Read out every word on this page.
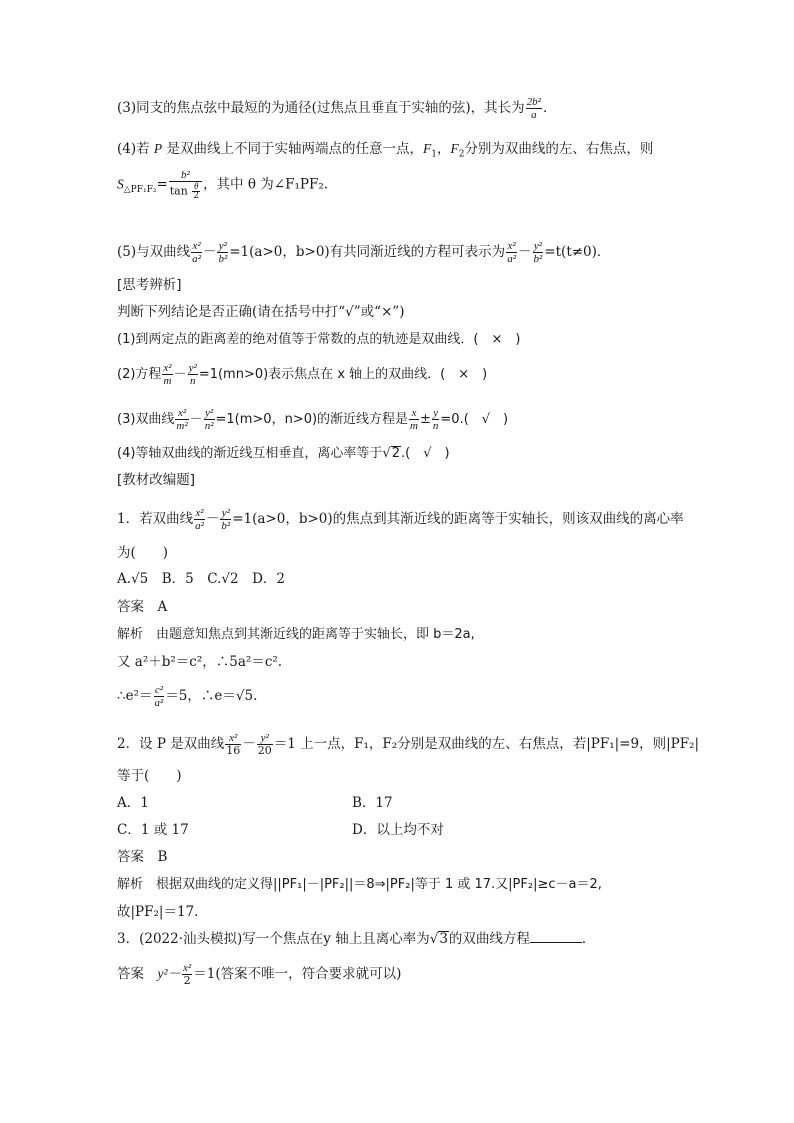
(3)同支的焦点弦中最短的为通径(过焦点且垂直于实轴的弦)，其长为 $\frac{\text{2b²}}{a}$ .
(4)若 P 是双曲线上不同于实轴两端点的任意一点，$F_1$，$F_2$分别为双曲线的左、右焦点，则
$S_{\triangle PF_1F_2}= \frac{\text{b²}}{\tan \frac{\theta}{2}}$ ，其中 θ 为∠F₁PF₂.
(5)与双曲线 $\frac{\text{x²}}{\text{a²}} - \frac{\text{y²}}{\text{b²}} =1(a>0$，b>0)有共同渐近线的方程可表示为 $\frac{\text{x²}}{\text{a²}} - \frac{\text{y²}}{\text{b²}} =t(t\ne 0)$．
[思考辨析]
判断下列结论是否正确(请在括号中打“√”或“×”)
(1)到两定点的距离差的绝对值等于常数的点的轨迹是双曲线．(　×　)
(2)方程 $\frac{\text{x²}}{m} - \frac{\text{y²}}{n} =1(mn>0)$表示焦点在 x 轴上的双曲线．(　×　)
(3)双曲线 $\frac{\text{x²}}{\text{m²}} - \frac{\text{y²}}{\text{n²}} =1(m>0$，n>0)的渐近线方程是 $\frac{x}{m} \pm \frac{y}{n} =0$.(　√　)
(4)等轴双曲线的渐近线互相垂直，离心率等于√2.(　√　)
[教材改编题]
1．若双曲线 $\frac{\text{x²}}{\text{a²}} - \frac{\text{y²}}{\text{b²}} =1(a>0$，b>0)的焦点到其渐近线的距离等于实轴长，则该双曲线的离心率
为(　　)
A.√5　B．5　C.√2　D．2
答案　 A
解析　 由题意知焦点到其渐近线的距离等于实轴长，即 b＝2a,
又 a²＋b²＝c²，∴5a²＝c².
∴e²＝ $\frac{\text{c²}}{\text{a²}} =5$，∴e＝√5.
2．设 P 是双曲线 $\frac{\text{x²}}{16} - \frac{\text{y²}}{20} =1$ 上一点，F₁，F₂分别是双曲线的左、右焦点，若|PF₁|=9，则|PF₂|
等于(　　)
A．1	B．17
C．1 或 17	D．以上均不对
答案　 B
解析　 根据双曲线的定义得||PF₁|－|PF₂||＝8⇒|PF₂|等于 1 或 17.又|PF₂|≥c－a＝2,
故|PF₂|＝17.
3．(2022·汕头模拟)写一个焦点在y 轴上且离心率为√3的双曲线方程	．
答案　 $y^2- \frac{\text{x²}}{2} =1$(答案不唯一，符合要求就可以)
